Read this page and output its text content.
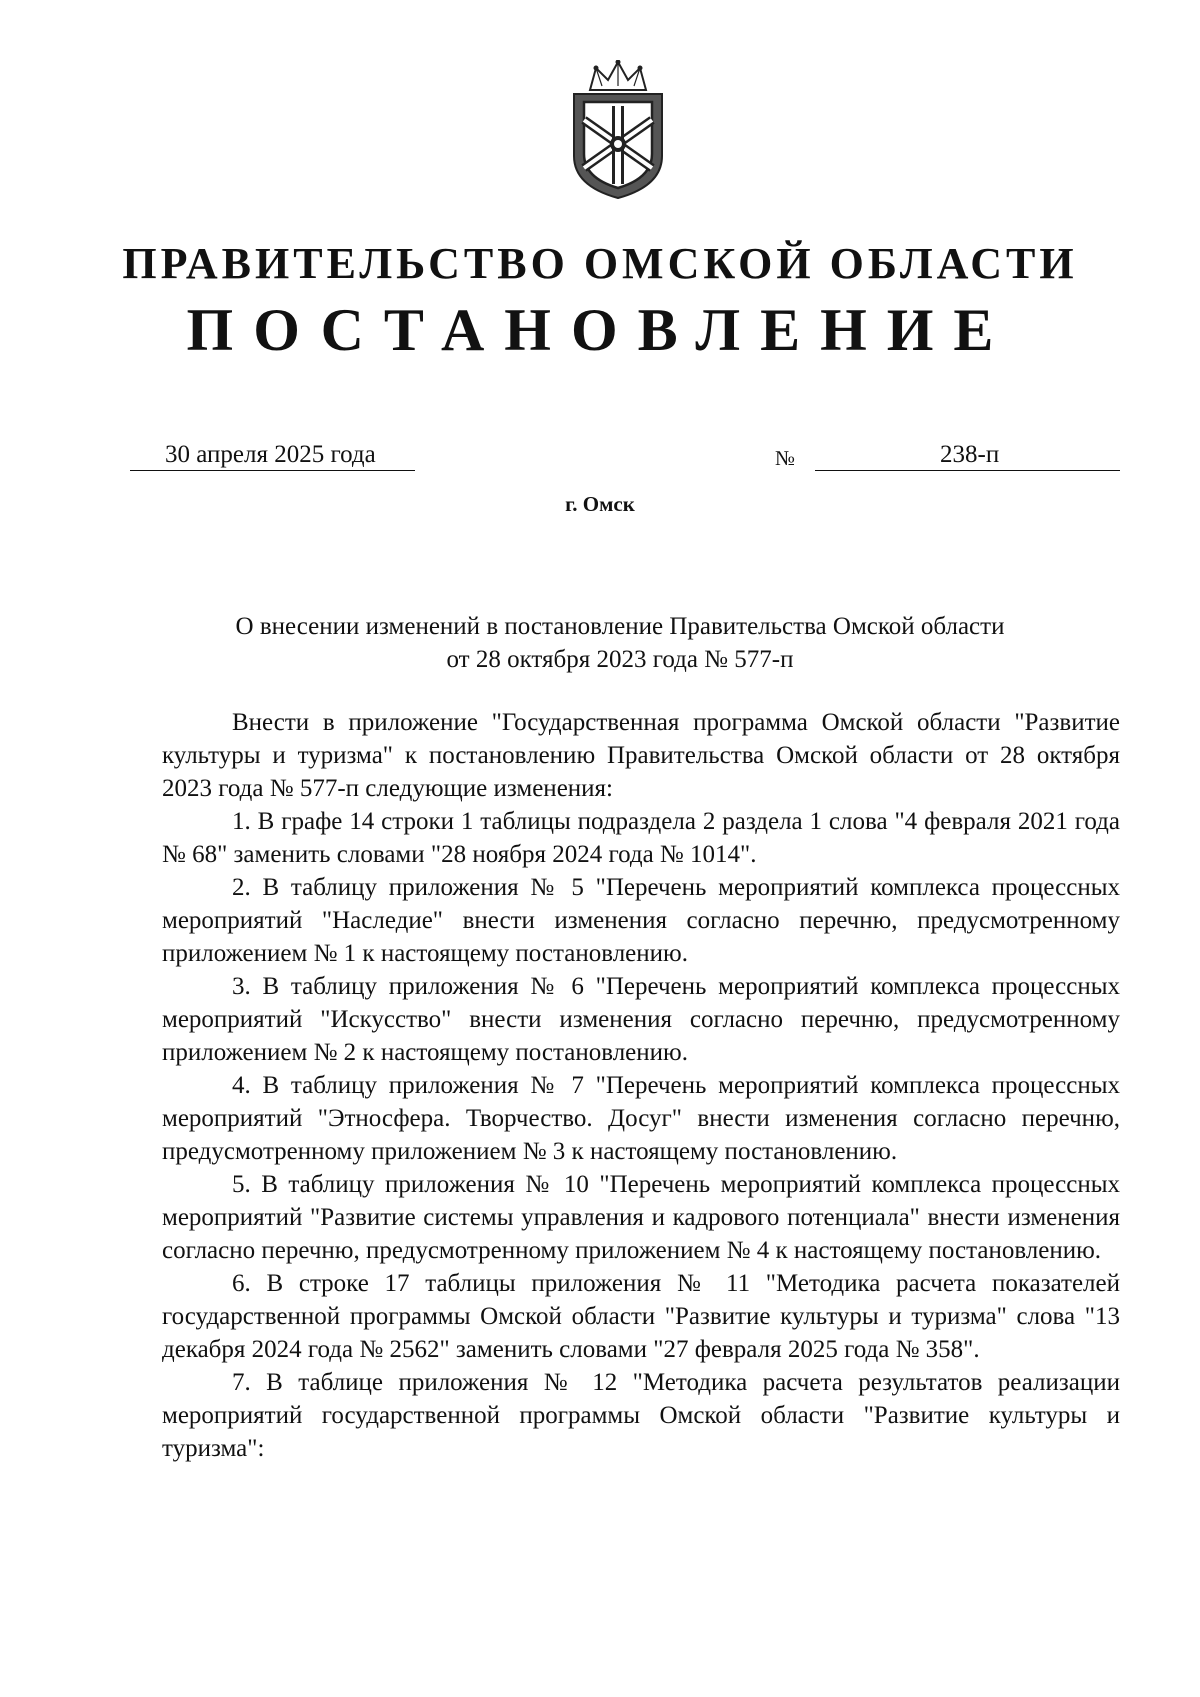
ПРАВИТЕЛЬСТВО ОМСКОЙ ОБЛАСТИ
ПОСТАНОВЛЕНИЕ
30 апреля 2025 года	№	238-п
г. Омск
О внесении изменений в постановление Правительства Омской области
от 28 октября 2023 года № 577-п

Внести в приложение "Государственная программа Омской области "Развитие культуры и туризма" к постановлению Правительства Омской области от 28 октября 2023 года № 577-п следующие изменения:

1. В графе 14 строки 1 таблицы подраздела 2 раздела 1 слова "4 февраля 2021 года № 68" заменить словами "28 ноября 2024 года № 1014".

2. В таблицу приложения № 5 "Перечень мероприятий комплекса процессных мероприятий "Наследие" внести изменения согласно перечню, предусмотренному приложением № 1 к настоящему постановлению.

3. В таблицу приложения № 6 "Перечень мероприятий комплекса процессных мероприятий "Искусство" внести изменения согласно перечню, предусмотренному приложением № 2 к настоящему постановлению.

4. В таблицу приложения № 7 "Перечень мероприятий комплекса процессных мероприятий "Этносфера. Творчество. Досуг" внести изменения согласно перечню, предусмотренному приложением № 3 к настоящему постановлению.

5. В таблицу приложения № 10 "Перечень мероприятий комплекса процессных мероприятий "Развитие системы управления и кадрового потенциала" внести изменения согласно перечню, предусмотренному приложением № 4 к настоящему постановлению.

6. В строке 17 таблицы приложения № 11 "Методика расчета показателей государственной программы Омской области "Развитие культуры и туризма" слова "13 декабря 2024 года № 2562" заменить словами "27 февраля 2025 года № 358".

7. В таблице приложения № 12 "Методика расчета результатов реализации мероприятий государственной программы Омской области "Развитие культуры и туризма":
